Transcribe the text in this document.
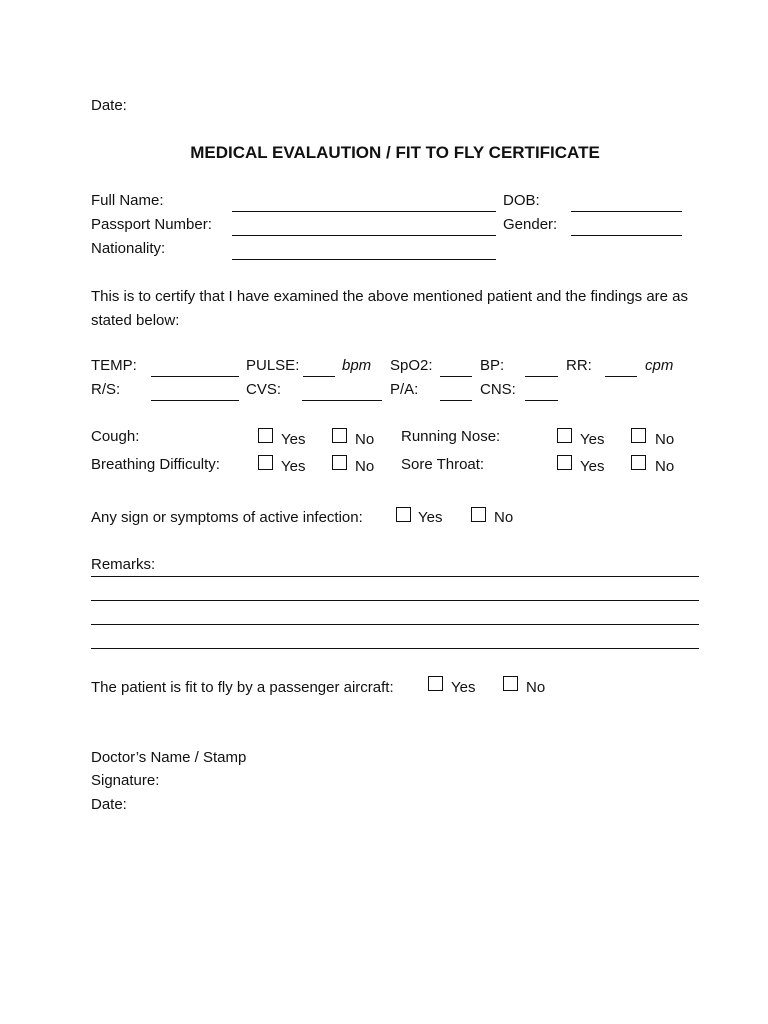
Date:
MEDICAL EVALAUTION / FIT TO FLY CERTIFICATE
Full Name:	DOB:
Passport Number:	Gender:
Nationality:
This is to certify that I have examined the above mentioned patient and the findings are as stated below:
TEMP:	PULSE:	bpm SpO2:	BP:	RR:	cpm
R/S:	CVS:	P/A:	CNS:
Cough:	Yes	No Running Nose:	Yes	No
Breathing Difficulty:	Yes	No Sore Throat:	Yes	No
Any sign or symptoms of active infection:	Yes	No
Remarks:
The patient is fit to fly by a passenger aircraft:	Yes	No
Doctor’s Name / Stamp
Signature:
Date:
